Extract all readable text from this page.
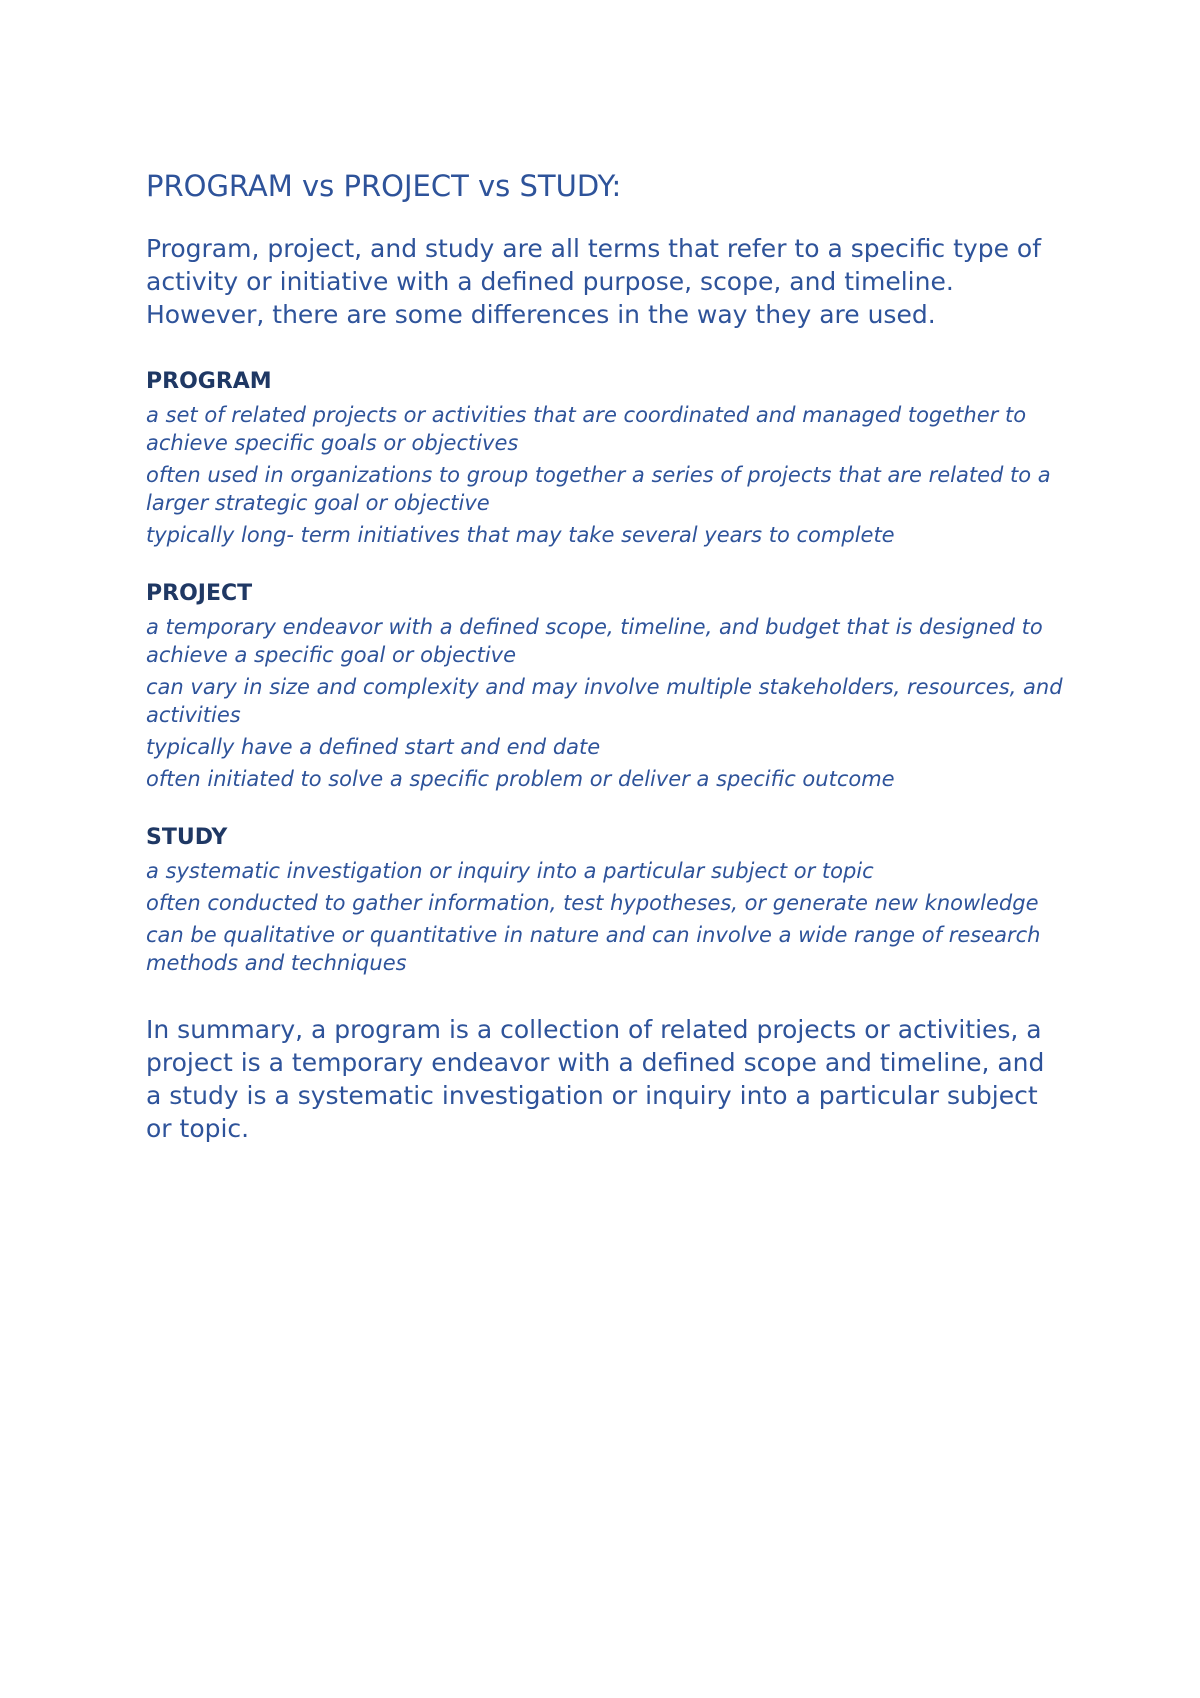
PROGRAM vs PROJECT vs STUDY:

Program, project, and study are all terms that refer to a specific type of activity or initiative with a defined purpose, scope, and timeline. However, there are some differences in the way they are used.

PROGRAM
a set of related projects or activities that are coordinated and managed together to achieve specific goals or objectives
often used in organizations to group together a series of projects that are related to a larger strategic goal or objective
typically long- term initiatives that may take several years to complete
PROJECT
a temporary endeavor with a defined scope, timeline, and budget that is designed to achieve a specific goal or objective
can vary in size and complexity and may involve multiple stakeholders, resources, and activities
typically have a defined start and end date
often initiated to solve a specific problem or deliver a specific outcome
STUDY
a systematic investigation or inquiry into a particular subject or topic
often conducted to gather information, test hypotheses, or generate new knowledge
can be qualitative or quantitative in nature and can involve a wide range of research methods and techniques

In summary, a program is a collection of related projects or activities, a project is a temporary endeavor with a defined scope and timeline, and a study is a systematic investigation or inquiry into a particular subject or topic.
